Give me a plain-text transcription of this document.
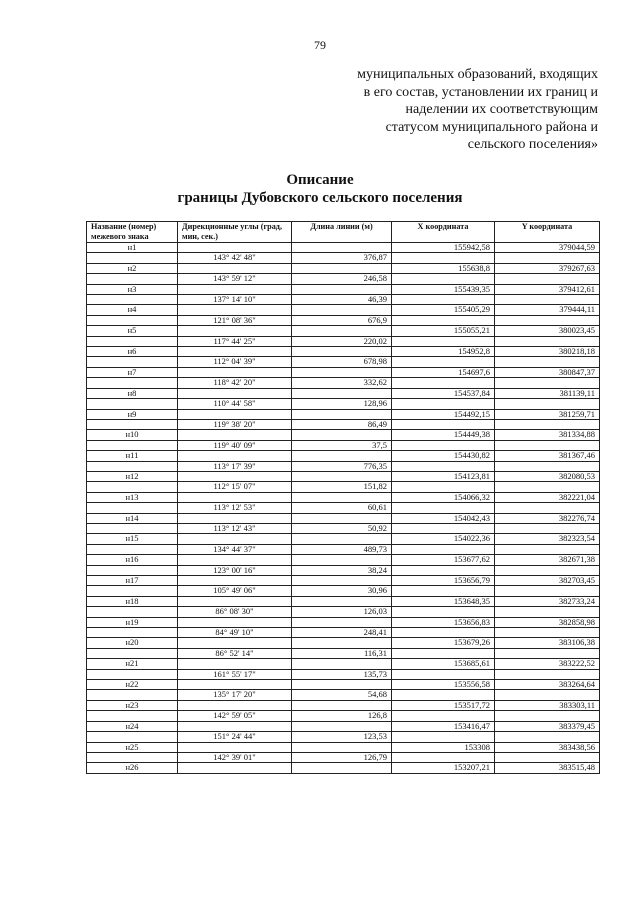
79
муниципальных образований, входящих
в его состав, установлении их границ и
наделении их соответствующим
статусом муниципального района и
сельского поселения»
Описание
границы Дубовского сельского поселения
Название (номер) межевого знака	Дирекционные углы (град, мин, сек.)	Длина линии (м)	X координата	Y координата
н1			155942,58	379044,59
	143° 42' 48"	376,87		
н2			155638,8	379267,63
	143° 59' 12"	246,58		
н3			155439,35	379412,61
	137° 14' 10"	46,39		
н4			155405,29	379444,11
	121° 08' 36"	676,9		
н5			155055,21	380023,45
	117° 44' 25"	220,02		
н6			154952,8	380218,18
	112° 04' 39"	678,98		
н7			154697,6	380847,37
	118° 42' 20"	332,62		
н8			154537,84	381139,11
	110° 44' 58"	128,96		
н9			154492,15	381259,71
	119° 38' 20"	86,49		
н10			154449,38	381334,88
	119° 40' 09"	37,5		
н11			154430,82	381367,46
	113° 17' 39"	776,35		
н12			154123,81	382080,53
	112° 15' 07"	151,82		
н13			154066,32	382221,04
	113° 12' 53"	60,61		
н14			154042,43	382276,74
	113° 12' 43"	50,92		
н15			154022,36	382323,54
	134° 44' 37"	489,73		
н16			153677,62	382671,38
	123° 00' 16"	38,24		
н17			153656,79	382703,45
	105° 49' 06"	30,96		
н18			153648,35	382733,24
	86° 08' 30"	126,03		
н19			153656,83	382858,98
	84° 49' 10"	248,41		
н20			153679,26	383106,38
	86° 52' 14"	116,31		
н21			153685,61	383222,52
	161° 55' 17"	135,73		
н22			153556,58	383264,64
	135° 17' 20"	54,68		
н23			153517,72	383303,11
	142° 59' 05"	126,8		
н24			153416,47	383379,45
	151° 24' 44"	123,53		
н25			153308	383438,56
	142° 39' 01"	126,79		
н26			153207,21	383515,48
